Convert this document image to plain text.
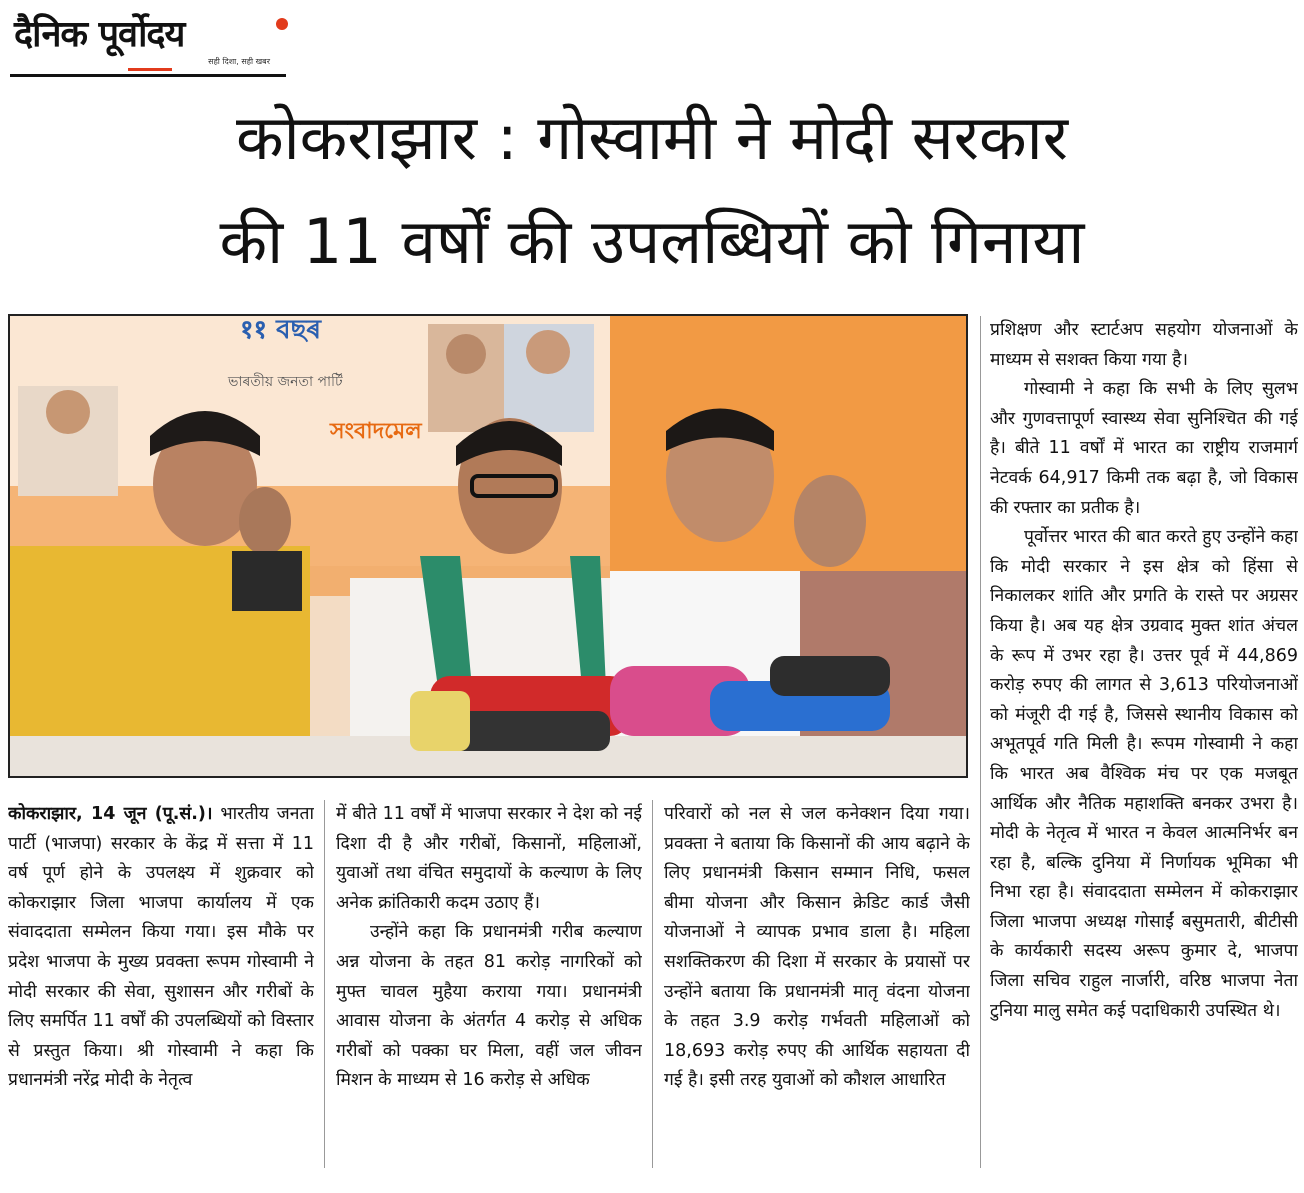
दैनिक पूर्वोदय
सही दिशा, सही खबर
कोकराझार : गोस्वामी ने मोदी सरकार
की 11 वर्षों की उपलब्धियों को गिनाया
११ বছৰ
ভাৰতীয় জনতা পাৰ্টি
সংবাদমেল

कोकराझार, 14 जून (पू.सं.)। भारतीय जनता पार्टी (भाजपा) सरकार के केंद्र में सत्ता में 11 वर्ष पूर्ण होने के उपलक्ष्य में शुक्रवार को कोकराझार जिला भाजपा कार्यालय में एक संवाददाता सम्मेलन किया गया। इस मौके पर प्रदेश भाजपा के मुख्य प्रवक्ता रूपम गोस्वामी ने मोदी सरकार की सेवा, सुशासन और गरीबों के लिए समर्पित 11 वर्षों की उपलब्धियों को विस्तार से प्रस्तुत किया। श्री गोस्वामी ने कहा कि प्रधानमंत्री नरेंद्र मोदी के नेतृत्व

में बीते 11 वर्षों में भाजपा सरकार ने देश को नई दिशा दी है और गरीबों, किसानों, महिलाओं, युवाओं तथा वंचित समुदायों के कल्याण के लिए अनेक क्रांतिकारी कदम उठाए हैं।

उन्होंने कहा कि प्रधानमंत्री गरीब कल्याण अन्न योजना के तहत 81 करोड़ नागरिकों को मुफ्त चावल मुहैया कराया गया। प्रधानमंत्री आवास योजना के अंतर्गत 4 करोड़ से अधिक गरीबों को पक्का घर मिला, वहीं जल जीवन मिशन के माध्यम से 16 करोड़ से अधिक

परिवारों को नल से जल कनेक्शन दिया गया। प्रवक्ता ने बताया कि किसानों की आय बढ़ाने के लिए प्रधानमंत्री किसान सम्मान निधि, फसल बीमा योजना और किसान क्रेडिट कार्ड जैसी योजनाओं ने व्यापक प्रभाव डाला है। महिला सशक्तिकरण की दिशा में सरकार के प्रयासों पर उन्होंने बताया कि प्रधानमंत्री मातृ वंदना योजना के तहत 3.9 करोड़ गर्भवती महिलाओं को 18,693 करोड़ रुपए की आर्थिक सहायता दी गई है। इसी तरह युवाओं को कौशल आधारित

प्रशिक्षण और स्टार्टअप सहयोग योजनाओं के माध्यम से सशक्त किया गया है।

गोस्वामी ने कहा कि सभी के लिए सुलभ और गुणवत्तापूर्ण स्वास्थ्य सेवा सुनिश्चित की गई है। बीते 11 वर्षों में भारत का राष्ट्रीय राजमार्ग नेटवर्क 64,917 किमी तक बढ़ा है, जो विकास की रफ्तार का प्रतीक है।

पूर्वोत्तर भारत की बात करते हुए उन्होंने कहा कि मोदी सरकार ने इस क्षेत्र को हिंसा से निकालकर शांति और प्रगति के रास्ते पर अग्रसर किया है। अब यह क्षेत्र उग्रवाद मुक्त शांत अंचल के रूप में उभर रहा है। उत्तर पूर्व में 44,869 करोड़ रुपए की लागत से 3,613 परियोजनाओं को मंजूरी दी गई है, जिससे स्थानीय विकास को अभूतपूर्व गति मिली है। रूपम गोस्वामी ने कहा कि भारत अब वैश्विक मंच पर एक मजबूत आर्थिक और नैतिक महाशक्ति बनकर उभरा है। मोदी के नेतृत्व में भारत न केवल आत्मनिर्भर बन रहा है, बल्कि दुनिया में निर्णायक भूमिका भी निभा रहा है। संवाददाता सम्मेलन में कोकराझार जिला भाजपा अध्यक्ष गोसाईं बसुमतारी, बीटीसी के कार्यकारी सदस्य अरूप कुमार दे, भाजपा जिला सचिव राहुल नार्जारी, वरिष्ठ भाजपा नेता टुनिया मालु समेत कई पदाधिकारी उपस्थित थे।
